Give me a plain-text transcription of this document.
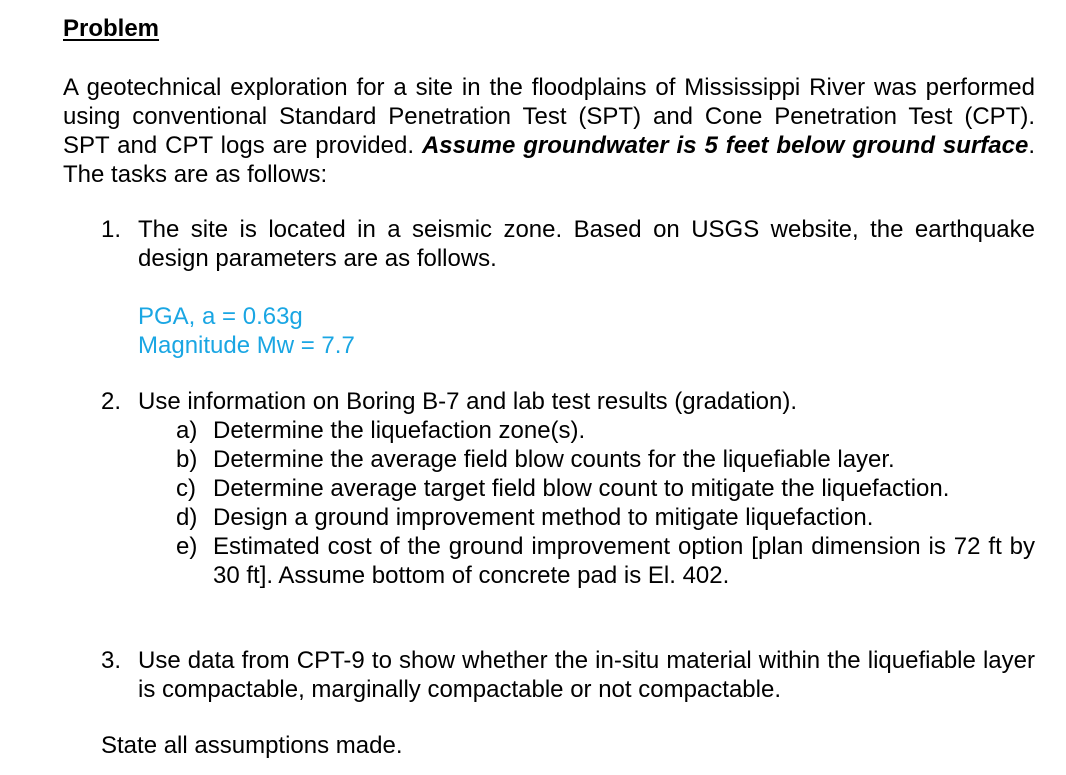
Problem
A geotechnical exploration for a site in the floodplains of Mississippi River was performed using conventional Standard Penetration Test (SPT) and Cone Penetration Test (CPT). SPT and CPT logs are provided. Assume groundwater is 5 feet below ground surface. The tasks are as follows:
1. The site is located in a seismic zone. Based on USGS website, the earthquake design parameters are as follows.
PGA, a = 0.63g
Magnitude Mw = 7.7
2. Use information on Boring B-7 and lab test results (gradation).
a) Determine the liquefaction zone(s).
b) Determine the average field blow counts for the liquefiable layer.
c) Determine average target field blow count to mitigate the liquefaction.
d) Design a ground improvement method to mitigate liquefaction.
e) Estimated cost of the ground improvement option [plan dimension is 72 ft by 30 ft]. Assume bottom of concrete pad is El. 402.
3. Use data from CPT-9 to show whether the in-situ material within the liquefiable layer is compactable, marginally compactable or not compactable.
State all assumptions made.
